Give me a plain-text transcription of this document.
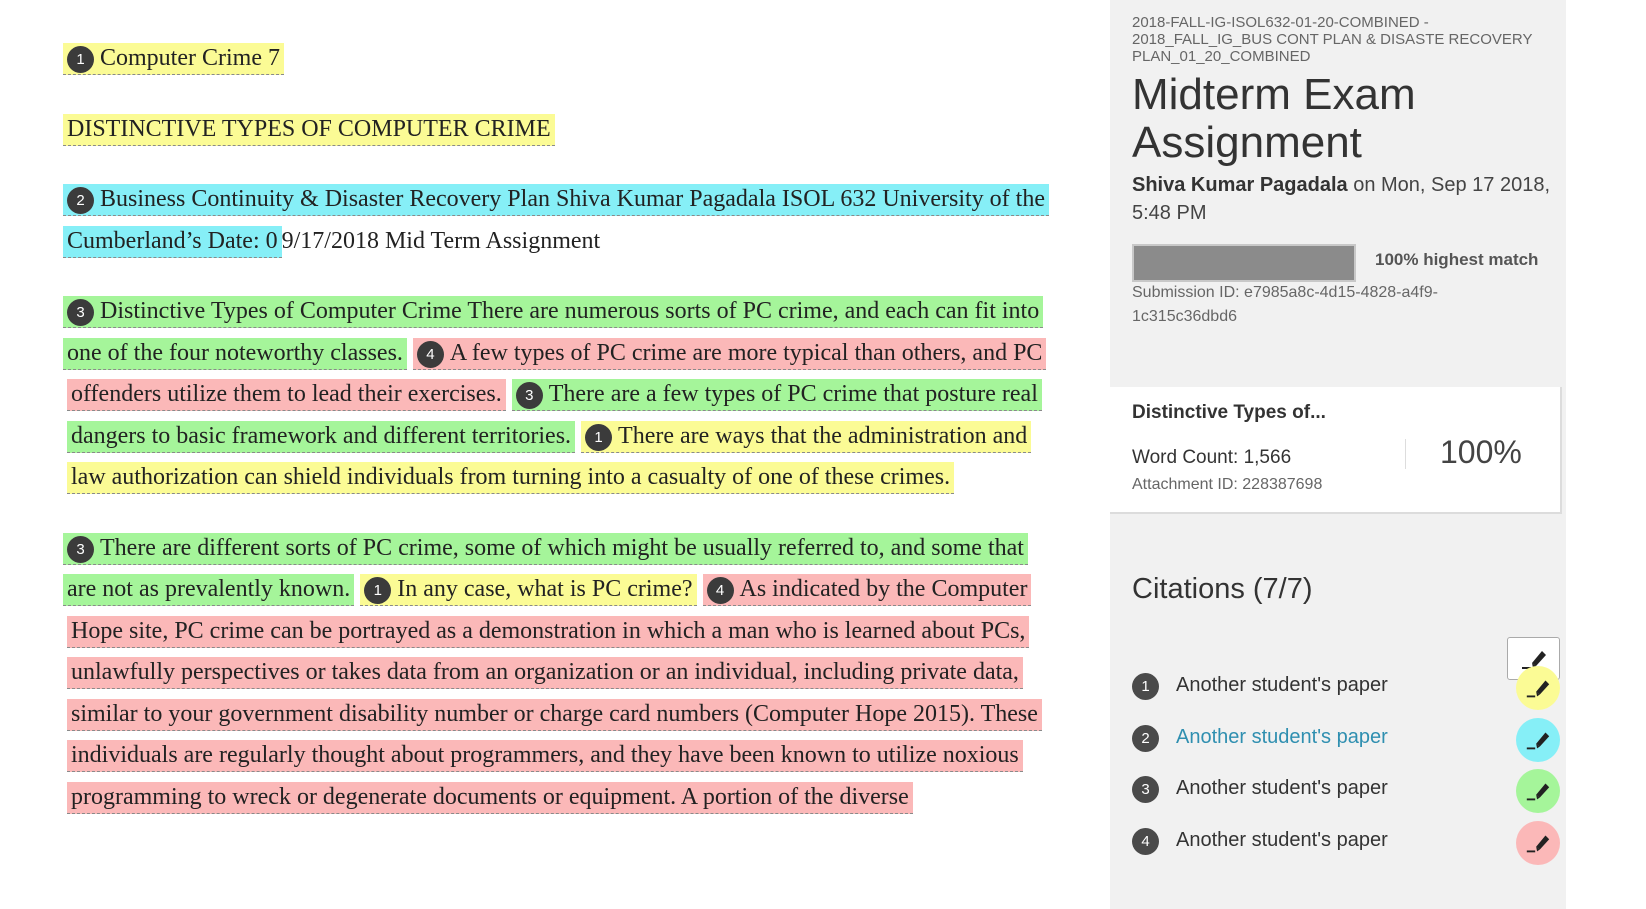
1 Computer Crime 7

DISTINCTIVE TYPES OF COMPUTER CRIME

2 Business Continuity & Disaster Recovery Plan Shiva Kumar Pagadala ISOL 632 University of the Cumberland’s Date: 0 9/17/2018 Mid Term Assignment

3 Distinctive Types of Computer Crime There are numerous sorts of PC crime, and each can fit into one of the four noteworthy classes. 4 A few types of PC crime are more typical than others, and PC offenders utilize them to lead their exercises. 3 There are a few types of PC crime that posture real dangers to basic framework and different territories. 1 There are ways that the administration and law authorization can shield individuals from turning into a casualty of one of these crimes.

3 There are different sorts of PC crime, some of which might be usually referred to, and some that are not as prevalently known. 1 In any case, what is PC crime? 4 As indicated by the Computer Hope site, PC crime can be portrayed as a demonstration in which a man who is learned about PCs, unlawfully perspectives or takes data from an organization or an individual, including private data, similar to your government disability number or charge card numbers (Computer Hope 2015). These individuals are regularly thought about programmers, and they have been known to utilize noxious programming to wreck or degenerate documents or equipment. A portion of the diverse

2018-FALL-IG-ISOL632-01-20-COMBINED - 2018_FALL_IG_BUS CONT PLAN & DISASTE RECOVERY PLAN_01_20_COMBINED
Midterm Exam Assignment
Shiva Kumar Pagadala on Mon, Sep 17 2018, 5:48 PM
100% highest match
Submission ID: e7985a8c-4d15-4828-a4f9-1c315c36dbd6
Distinctive Types of...
Word Count: 1,566
Attachment ID: 228387698
100%
Citations (7/7)
1	Another student's paper
2	Another student's paper
3	Another student's paper
4	Another student's paper
